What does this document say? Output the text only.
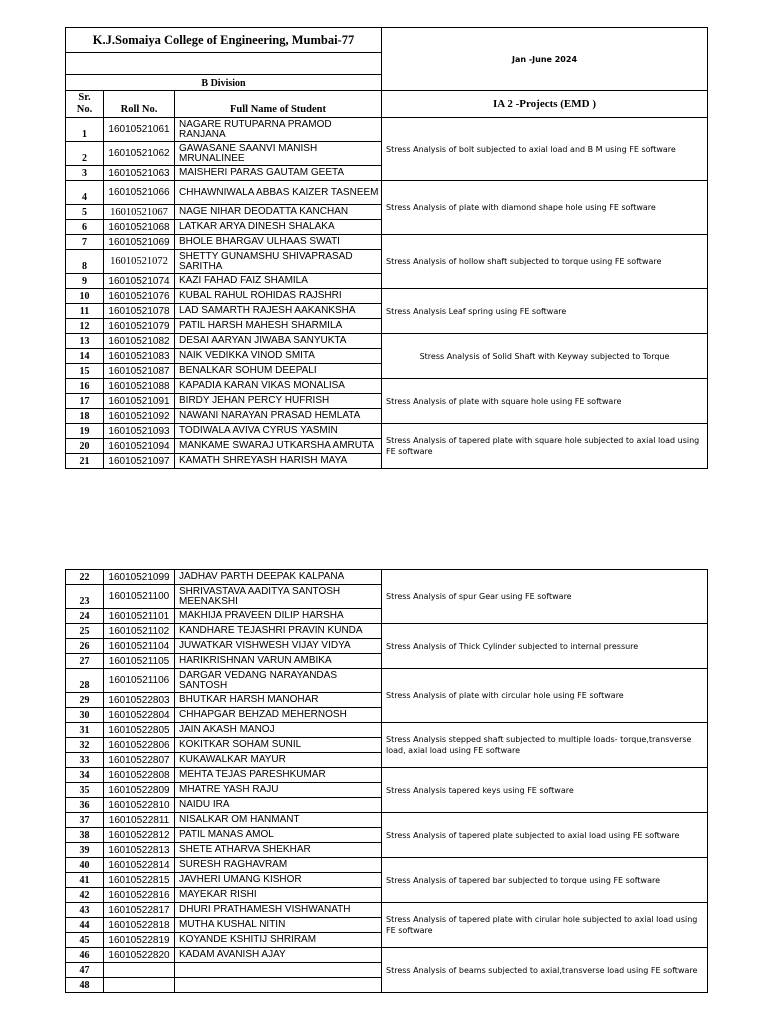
K.J.Somaiya College of Engineering, Mumbai-77			Jan -June 2024

B Division			

Sr.
No.	Roll No.	Full Name of Student	IA 2 -Projects (EMD )
1	16010521061	NAGARE RUTUPARNA PRAMOD RANJANA	Stress Analysis of bolt subjected to axial load and B M using FE software
2	16010521062	GAWASANE SAANVI MANISH MRUNALINEE	
3	16010521063	MAISHERI PARAS GAUTAM GEETA	
4	16010521066	CHHAWNIWALA ABBAS KAIZER TASNEEM	Stress Analysis of plate with diamond shape hole using FE software
5	16010521067	NAGE NIHAR DEODATTA KANCHAN	
6	16010521068	LATKAR ARYA DINESH SHALAKA	
7	16010521069	BHOLE BHARGAV ULHAAS SWATI	Stress Analysis of hollow shaft subjected to torque using FE software
8	16010521072	SHETTY GUNAMSHU SHIVAPRASAD SARITHA	
9	16010521074	KAZI FAHAD FAIZ SHAMILA	
10	16010521076	KUBAL RAHUL ROHIDAS RAJSHRI	Stress Analysis Leaf spring using FE software
11	16010521078	LAD SAMARTH RAJESH AAKANKSHA	
12	16010521079	PATIL HARSH MAHESH SHARMILA	
13	16010521082	DESAI AARYAN JIWABA SANYUKTA	Stress Analysis of Solid Shaft with Keyway subjected to Torque
14	16010521083	NAIK VEDIKKA VINOD SMITA	
15	16010521087	BENALKAR SOHUM DEEPALI	
16	16010521088	KAPADIA KARAN VIKAS MONALISA	Stress Analysis of plate with square hole using FE software
17	16010521091	BIRDY JEHAN PERCY HUFRISH	
18	16010521092	NAWANI NARAYAN PRASAD HEMLATA	
19	16010521093	TODIWALA AVIVA CYRUS YASMIN	Stress Analysis of tapered plate with square hole subjected to axial load using FE software
20	16010521094	MANKAME SWARAJ UTKARSHA AMRUTA	
21	16010521097	KAMATH SHREYASH HARISH MAYA	
22	16010521099	JADHAV PARTH DEEPAK KALPANA	Stress Analysis of spur Gear using FE software
23	16010521100	SHRIVASTAVA AADITYA SANTOSH MEENAKSHI	
24	16010521101	MAKHIJA PRAVEEN DILIP HARSHA	
25	16010521102	KANDHARE TEJASHRI PRAVIN KUNDA	Stress Analysis of Thick Cylinder subjected to internal pressure
26	16010521104	JUWATKAR VISHWESH VIJAY VIDYA	
27	16010521105	HARIKRISHNAN VARUN AMBIKA	
28	16010521106	DARGAR VEDANG NARAYANDAS SANTOSH	Stress Analysis of plate with circular hole using FE software
29	16010522803	BHUTKAR HARSH MANOHAR	
30	16010522804	CHHAPGAR BEHZAD MEHERNOSH	
31	16010522805	JAIN AKASH MANOJ	Stress Analysis stepped shaft subjected to multiple loads- torque,transverse load, axial load using FE software
32	16010522806	KOKITKAR SOHAM SUNIL	
33	16010522807	KUKAWALKAR MAYUR	
34	16010522808	MEHTA TEJAS PARESHKUMAR	Stress Analysis tapered keys using FE software
35	16010522809	MHATRE YASH RAJU	
36	16010522810	NAIDU IRA	
37	16010522811	NISALKAR OM HANMANT	Stress Analysis of tapered plate subjected to axial load using FE software
38	16010522812	PATIL MANAS AMOL	
39	16010522813	SHETE ATHARVA SHEKHAR	
40	16010522814	SURESH RAGHAVRAM	Stress Analysis of tapered bar subjected to torque using FE software
41	16010522815	JAVHERI UMANG KISHOR	
42	16010522816	MAYEKAR RISHI	
43	16010522817	DHURI PRATHAMESH VISHWANATH	Stress Analysis of tapered plate with cirular hole subjected to axial load using FE software
44	16010522818	MUTHA KUSHAL NITIN	
45	16010522819	KOYANDE KSHITIJ SHRIRAM	
46	16010522820	KADAM AVANISH AJAY	Stress Analysis of beams subjected to axial,transverse load using FE software
47			
48			
